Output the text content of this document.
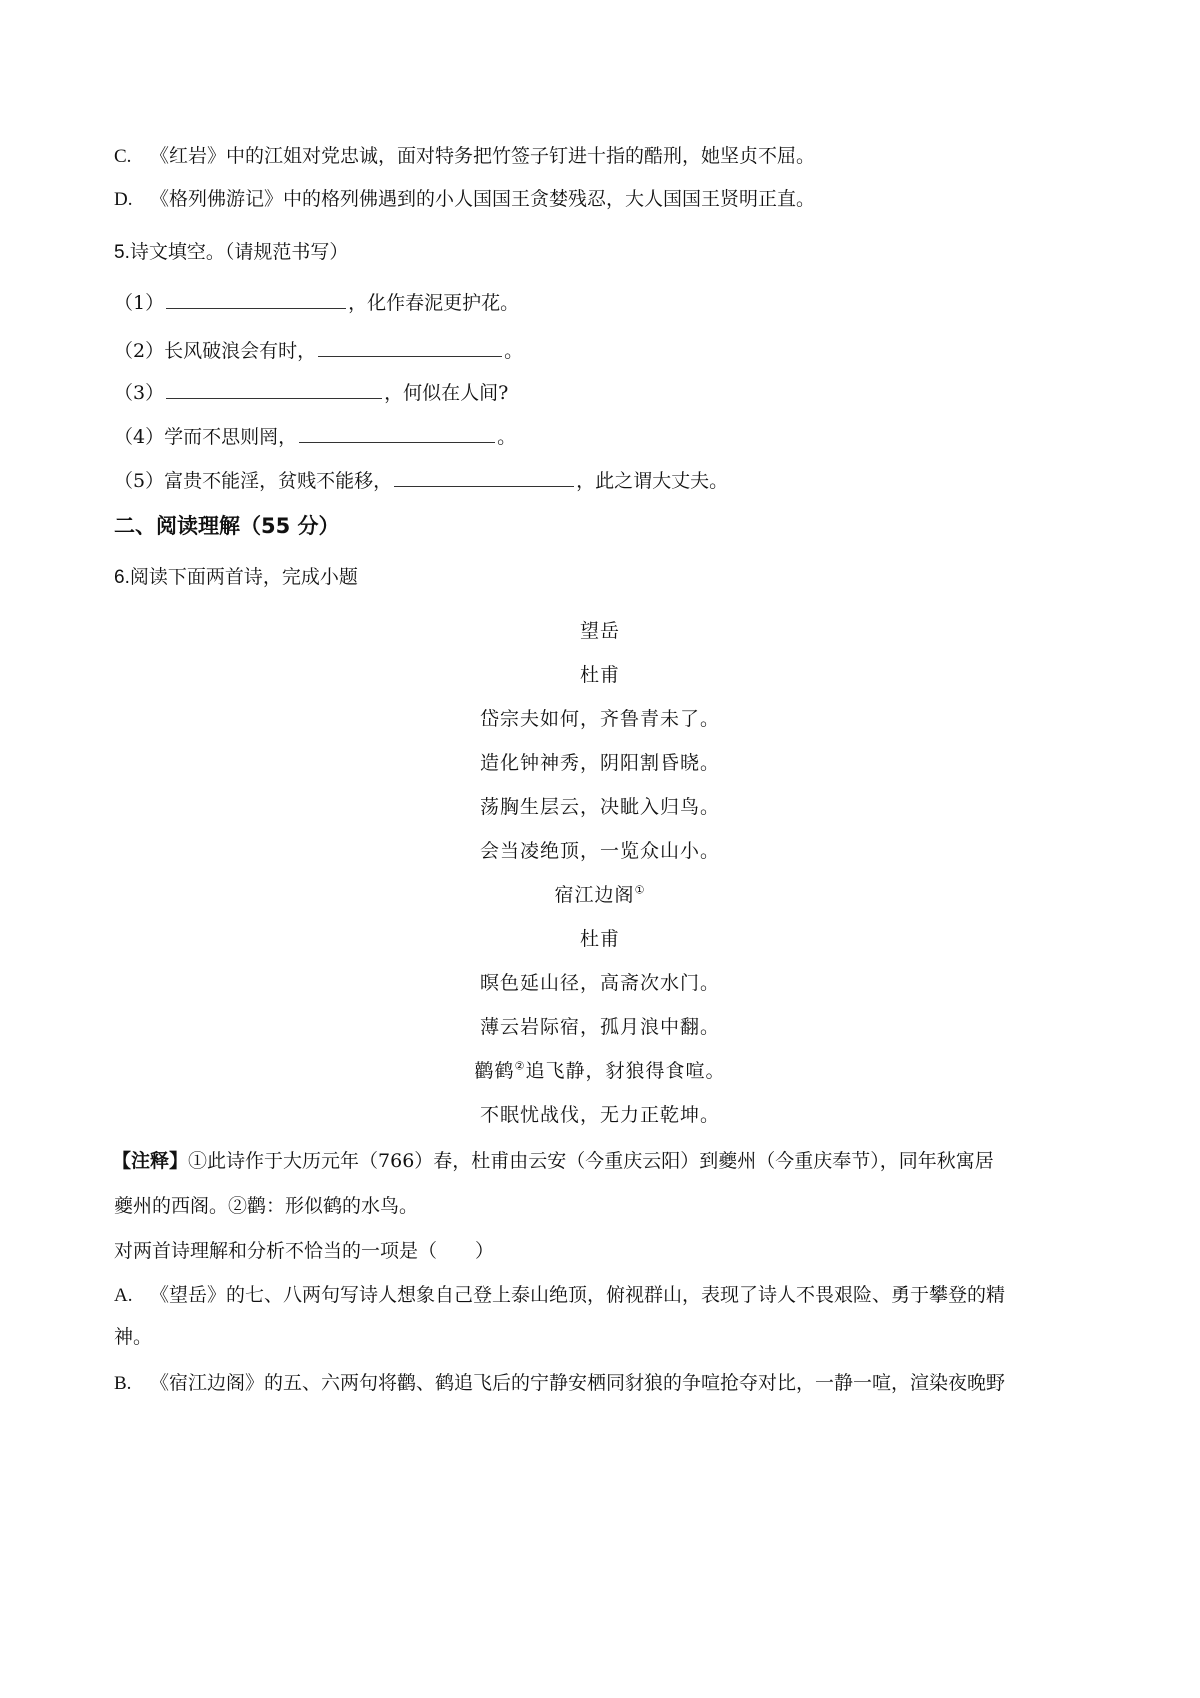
C. 《红岩》中的江姐对党忠诚，面对特务把竹签子钉进十指的酷刑，她坚贞不屈。
D. 《格列佛游记》中的格列佛遇到的小人国国王贪婪残忍，大人国国王贤明正直。
5.诗文填空。（请规范书写）
（1）	，化作春泥更护花。
（2）长风破浪会有时，	。
（3）	，何似在人间?
（4）学而不思则罔，	。
（5）富贵不能淫，贫贱不能移，	，此之谓大丈夫。
二、阅读理解（55 分）
6.阅读下面两首诗，完成小题
望岳
杜甫
岱宗夫如何，齐鲁青未了。
造化钟神秀，阴阳割昏晓。
荡胸生层云，决眦入归鸟。
会当凌绝顶，一览众山小。
宿江边阁①
杜甫
暝色延山径，高斋次水门。
薄云岩际宿，孤月浪中翻。
鹳鹤②追飞静，豺狼得食喧。
不眠忧战伐，无力正乾坤。
【注释】①此诗作于大历元年（766）春，杜甫由云安（今重庆云阳）到夔州（今重庆奉节），同年秋寓居
夔州的西阁。②鹳：形似鹤的水鸟。
对两首诗理解和分析不恰当的一项是（　　）
A. 《望岳》的七、八两句写诗人想象自己登上泰山绝顶，俯视群山，表现了诗人不畏艰险、勇于攀登的精
神。
B. 《宿江边阁》的五、六两句将鹳、鹤追飞后的宁静安栖同豺狼的争喧抢夺对比，一静一喧，渲染夜晚野
